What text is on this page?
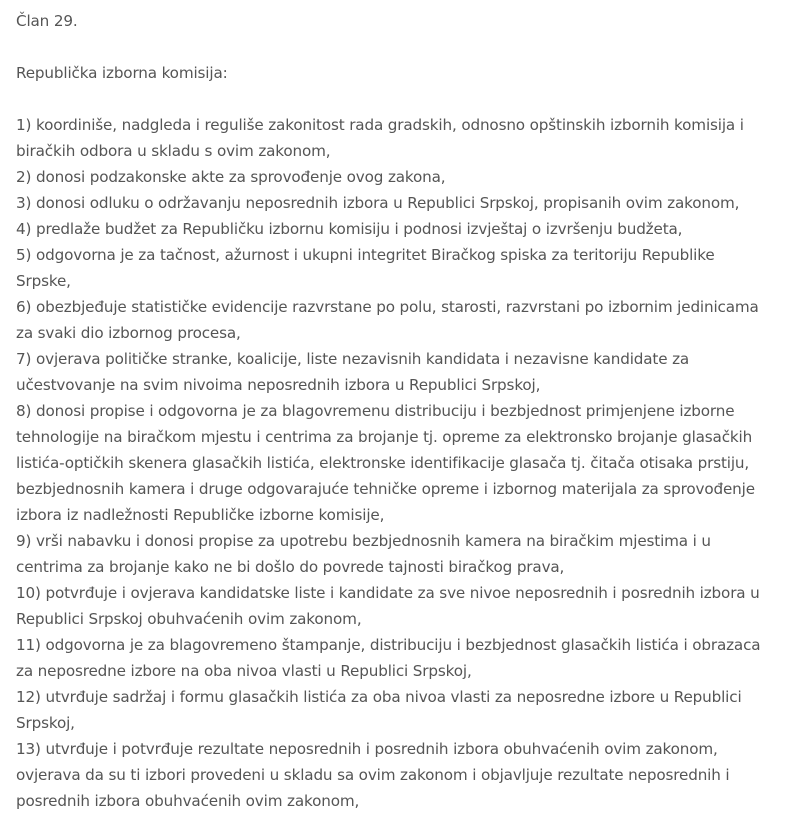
Član 29.
Republička izborna komisija:
1) koordiniše, nadgleda i reguliše zakonitost rada gradskih, odnosno opštinskih izbornih komisija i
biračkih odbora u skladu s ovim zakonom,
2) donosi podzakonske akte za sprovođenje ovog zakona,
3) donosi odluku o održavanju neposrednih izbora u Republici Srpskoj, propisanih ovim zakonom,
4) predlaže budžet za Republičku izbornu komisiju i podnosi izvještaj o izvršenju budžeta,
5) odgovorna je za tačnost, ažurnost i ukupni integritet Biračkog spiska za teritoriju Republike
Srpske,
6) obezbjeđuje statističke evidencije razvrstane po polu, starosti, razvrstani po izbornim jedinicama
za svaki dio izbornog procesa,
7) ovjerava političke stranke, koalicije, liste nezavisnih kandidata i nezavisne kandidate za
učestvovanje na svim nivoima neposrednih izbora u Republici Srpskoj,
8) donosi propise i odgovorna je za blagovremenu distribuciju i bezbjednost primjenjene izborne
tehnologije na biračkom mjestu i centrima za brojanje tj. opreme za elektronsko brojanje glasačkih
listića-optičkih skenera glasačkih listića, elektronske identifikacije glasača tj. čitača otisaka prstiju,
bezbjednosnih kamera i druge odgovarajuće tehničke opreme i izbornog materijala za sprovođenje
izbora iz nadležnosti Republičke izborne komisije,
9) vrši nabavku i donosi propise za upotrebu bezbjednosnih kamera na biračkim mjestima i u
centrima za brojanje kako ne bi došlo do povrede tajnosti biračkog prava,
10) potvrđuje i ovjerava kandidatske liste i kandidate za sve nivoe neposrednih i posrednih izbora u
Republici Srpskoj obuhvaćenih ovim zakonom,
11) odgovorna je za blagovremeno štampanje, distribuciju i bezbjednost glasačkih listića i obrazaca
za neposredne izbore na oba nivoa vlasti u Republici Srpskoj,
12) utvrđuje sadržaj i formu glasačkih listića za oba nivoa vlasti za neposredne izbore u Republici
Srpskoj,
13) utvrđuje i potvrđuje rezultate neposrednih i posrednih izbora obuhvaćenih ovim zakonom,
ovjerava da su ti izbori provedeni u skladu sa ovim zakonom i objavljuje rezultate neposrednih i
posrednih izbora obuhvaćenih ovim zakonom,
